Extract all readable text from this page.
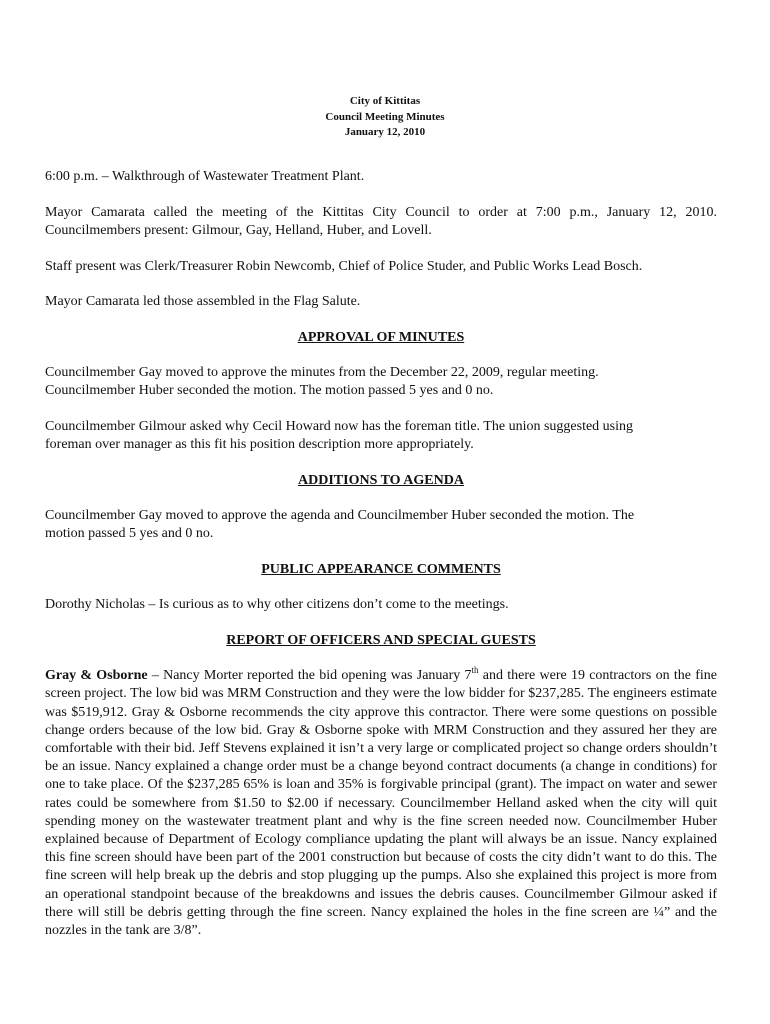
City of Kittitas
Council Meeting Minutes
January 12, 2010

6:00 p.m. – Walkthrough of Wastewater Treatment Plant.

Mayor Camarata called the meeting of the Kittitas City Council to order at 7:00 p.m., January 12, 2010. Councilmembers present: Gilmour, Gay, Helland, Huber, and Lovell.

Staff present was Clerk/Treasurer Robin Newcomb, Chief of Police Studer, and Public Works Lead Bosch.

Mayor Camarata led those assembled in the Flag Salute.

APPROVAL OF MINUTES

Councilmember Gay moved to approve the minutes from the December 22, 2009, regular meeting.
Councilmember Huber seconded the motion. The motion passed 5 yes and 0 no.

Councilmember Gilmour asked why Cecil Howard now has the foreman title. The union suggested using
foreman over manager as this fit his position description more appropriately.

ADDITIONS TO AGENDA

Councilmember Gay moved to approve the agenda and Councilmember Huber seconded the motion. The
motion passed 5 yes and 0 no.

PUBLIC APPEARANCE COMMENTS

Dorothy Nicholas – Is curious as to why other citizens don’t come to the meetings.

REPORT OF OFFICERS AND SPECIAL GUESTS

Gray & Osborne – Nancy Morter reported the bid opening was January 7th and there were 19 contractors on the fine screen project. The low bid was MRM Construction and they were the low bidder for $237,285. The engineers estimate was $519,912. Gray & Osborne recommends the city approve this contractor. There were some questions on possible change orders because of the low bid. Gray & Osborne spoke with MRM Construction and they assured her they are comfortable with their bid. Jeff Stevens explained it isn’t a very large or complicated project so change orders shouldn’t be an issue. Nancy explained a change order must be a change beyond contract documents (a change in conditions) for one to take place. Of the $237,285 65% is loan and 35% is forgivable principal (grant). The impact on water and sewer rates could be somewhere from $1.50 to $2.00 if necessary. Councilmember Helland asked when the city will quit spending money on the wastewater treatment plant and why is the fine screen needed now. Councilmember Huber explained because of Department of Ecology compliance updating the plant will always be an issue. Nancy explained this fine screen should have been part of the 2001 construction but because of costs the city didn’t want to do this. The fine screen will help break up the debris and stop plugging up the pumps. Also she explained this project is more from an operational standpoint because of the breakdowns and issues the debris causes. Councilmember Gilmour asked if there will still be debris getting through the fine screen. Nancy explained the holes in the fine screen are ¼” and the nozzles in the tank are 3/8”.
